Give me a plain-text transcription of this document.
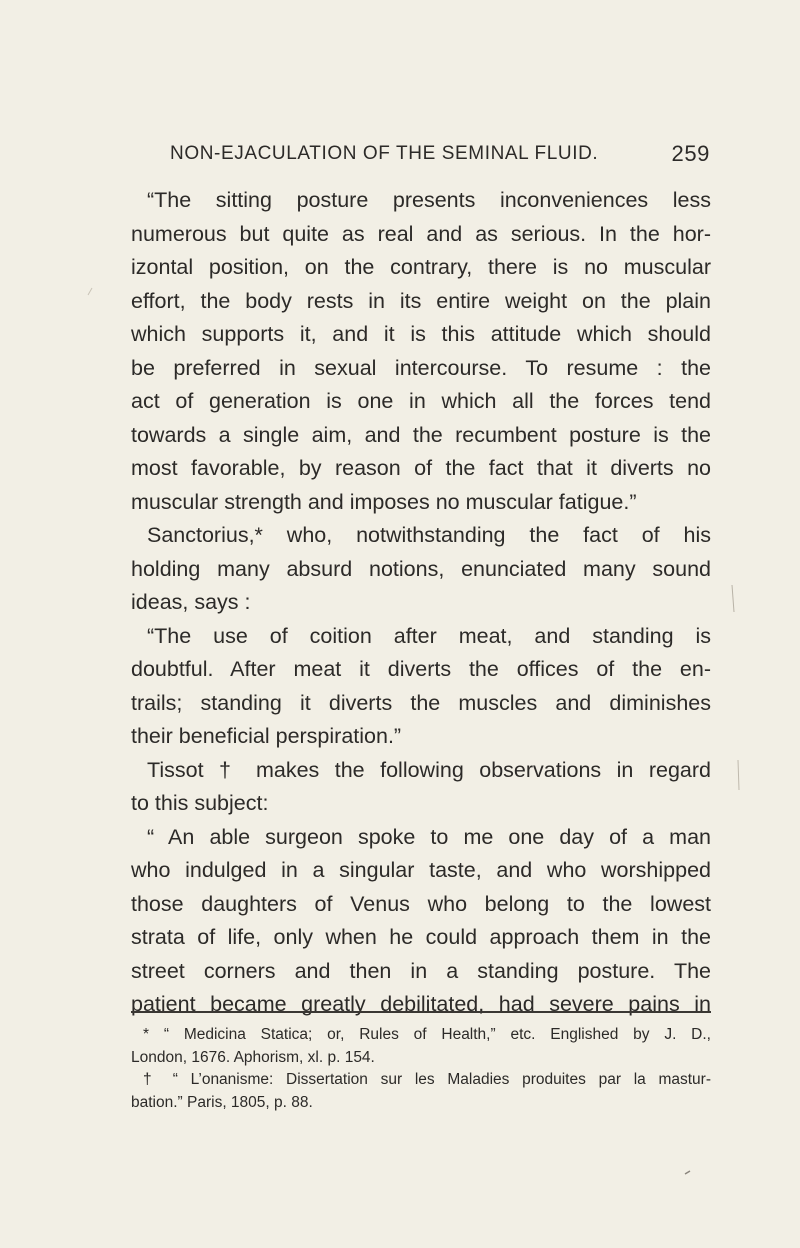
NON-EJACULATION OF THE SEMINAL FLUID.	259
“The sitting posture presents inconveniences less
numerous but quite as real and as serious. In the hor-
izontal position, on the contrary, there is no muscular
effort, the body rests in its entire weight on the plain
which supports it, and it is this attitude which should
be preferred in sexual intercourse. To resume : the
act of generation is one in which all the forces tend
towards a single aim, and the recumbent posture is the
most favorable, by reason of the fact that it diverts no
muscular strength and imposes no muscular fatigue.”
Sanctorius,* who, notwithstanding the fact of his
holding many absurd notions, enunciated many sound
ideas, says :
“The use of coition after meat, and standing is
doubtful. After meat it diverts the offices of the en-
trails; standing it diverts the muscles and diminishes
their beneficial perspiration.”
Tissot † makes the following observations in regard
to this subject:
“ An able surgeon spoke to me one day of a man
who indulged in a singular taste, and who worshipped
those daughters of Venus who belong to the lowest
strata of life, only when he could approach them in the
street corners and then in a standing posture. The
patient became greatly debilitated, had severe pains in
* “ Medicina Statica; or, Rules of Health,” etc. Englished by J. D.,
London, 1676. Aphorism, xl. p. 154.
† “ L’onanisme: Dissertation sur les Maladies produites par la mastur-
bation.” Paris, 1805, p. 88.
